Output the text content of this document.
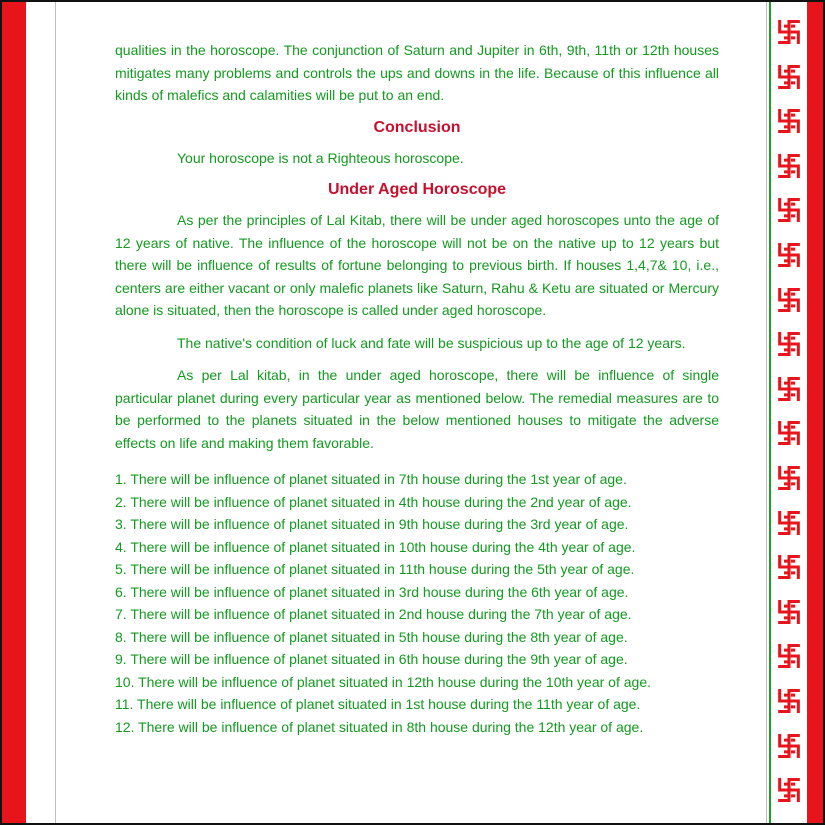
qualities in the horoscope. The conjunction of Saturn and Jupiter in 6th, 9th, 11th or 12th houses mitigates many problems and controls the ups and downs in the life. Because of this influence all kinds of malefics and calamities will be put to an end.

Conclusion

Your horoscope is not a Righteous horoscope.

Under Aged Horoscope

As per the principles of Lal Kitab, there will be under aged horoscopes unto the age of 12 years of native. The influence of the horoscope will not be on the native up to 12 years but there will be influence of results of fortune belonging to previous birth. If houses 1,4,7& 10, i.e., centers are either vacant or only malefic planets like Saturn, Rahu & Ketu are situated or Mercury alone is situated, then the horoscope is called under aged horoscope.

The native's condition of luck and fate will be suspicious up to the age of 12 years.

As per Lal kitab, in the under aged horoscope, there will be influence of single particular planet during every particular year as mentioned below. The remedial measures are to be performed to the planets situated in the below mentioned houses to mitigate the adverse effects on life and making them favorable.

1. There will be influence of planet situated in 7th house during the 1st year of age.
2. There will be influence of planet situated in 4th house during the 2nd year of age.
3. There will be influence of planet situated in 9th house during the 3rd year of age.
4. There will be influence of planet situated in 10th house during the 4th year of age.
5. There will be influence of planet situated in 11th house during the 5th year of age.
6. There will be influence of planet situated in 3rd house during the 6th year of age.
7. There will be influence of planet situated in 2nd house during the 7th year of age.
8. There will be influence of planet situated in 5th house during the 8th year of age.
9. There will be influence of planet situated in 6th house during the 9th year of age.
10. There will be influence of planet situated in 12th house during the 10th year of age.
11. There will be influence of planet situated in 1st house during the 11th year of age.
12. There will be influence of planet situated in 8th house during the 12th year of age.
